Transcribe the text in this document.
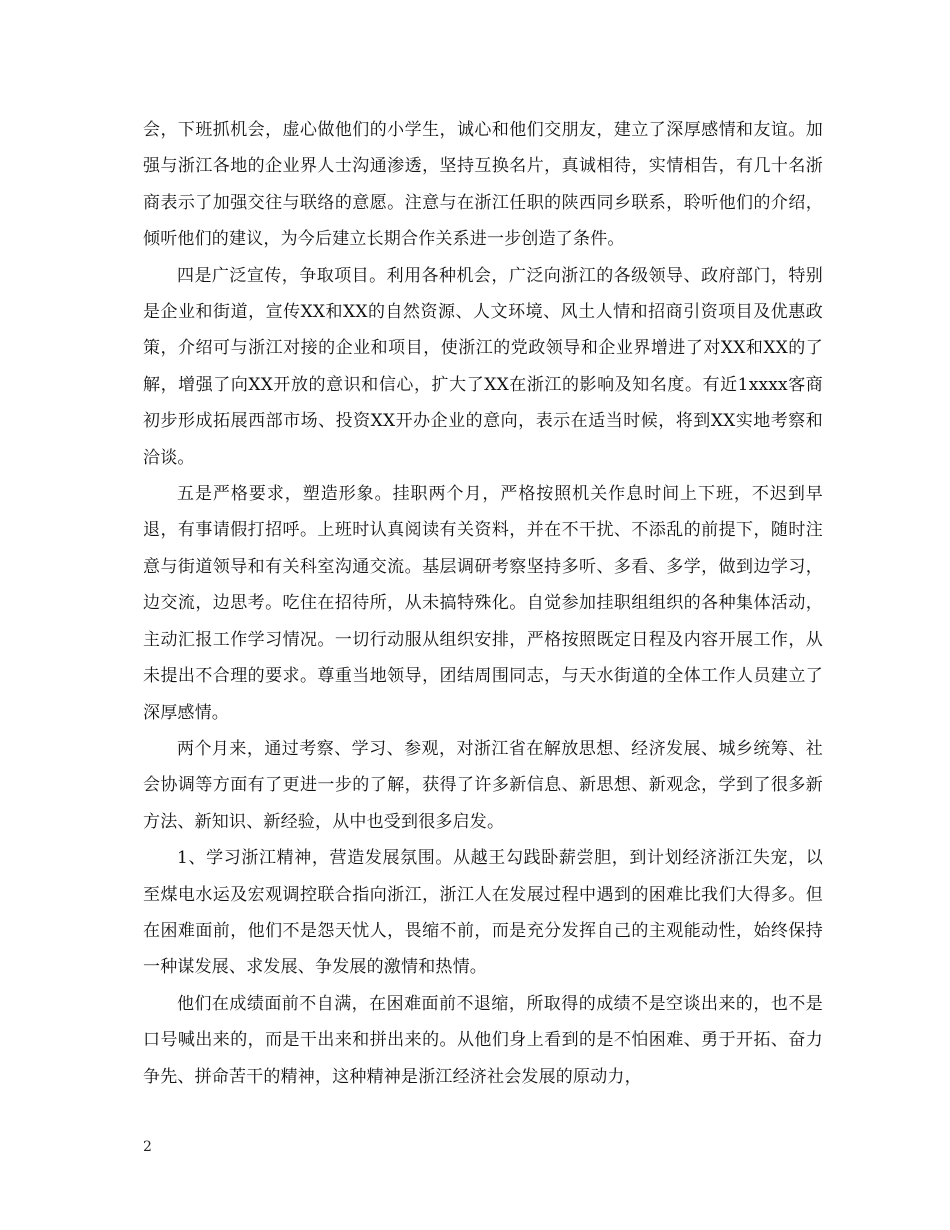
会，下班抓机会，虚心做他们的小学生，诚心和他们交朋友，建立了深厚感情和友谊。加强与浙江各地的企业界人士沟通渗透，坚持互换名片，真诚相待，实情相告，有几十名浙商表示了加强交往与联络的意愿。注意与在浙江任职的陕西同乡联系，聆听他们的介绍，倾听他们的建议，为今后建立长期合作关系进一步创造了条件。

四是广泛宣传，争取项目。利用各种机会，广泛向浙江的各级领导、政府部门，特别是企业和街道，宣传XX和XX的自然资源、人文环境、风土人情和招商引资项目及优惠政策，介绍可与浙江对接的企业和项目，使浙江的党政领导和企业界增进了对XX和XX的了解，增强了向XX开放的意识和信心，扩大了XX在浙江的影响及知名度。有近1xxxx客商初步形成拓展西部市场、投资XX开办企业的意向，表示在适当时候，将到XX实地考察和洽谈。

五是严格要求，塑造形象。挂职两个月，严格按照机关作息时间上下班，不迟到早退，有事请假打招呼。上班时认真阅读有关资料，并在不干扰、不添乱的前提下，随时注意与街道领导和有关科室沟通交流。基层调研考察坚持多听、多看、多学，做到边学习，边交流，边思考。吃住在招待所，从未搞特殊化。自觉参加挂职组组织的各种集体活动，主动汇报工作学习情况。一切行动服从组织安排，严格按照既定日程及内容开展工作，从未提出不合理的要求。尊重当地领导，团结周围同志，与天水街道的全体工作人员建立了深厚感情。

两个月来，通过考察、学习、参观，对浙江省在解放思想、经济发展、城乡统筹、社会协调等方面有了更进一步的了解，获得了许多新信息、新思想、新观念，学到了很多新方法、新知识、新经验，从中也受到很多启发。

1、学习浙江精神，营造发展氛围。从越王勾践卧薪尝胆，到计划经济浙江失宠，以至煤电水运及宏观调控联合指向浙江，浙江人在发展过程中遇到的困难比我们大得多。但在困难面前，他们不是怨天忧人，畏缩不前，而是充分发挥自己的主观能动性，始终保持一种谋发展、求发展、争发展的激情和热情。

他们在成绩面前不自满，在困难面前不退缩，所取得的成绩不是空谈出来的，也不是口号喊出来的，而是干出来和拼出来的。从他们身上看到的是不怕困难、勇于开拓、奋力争先、拼命苦干的精神，这种精神是浙江经济社会发展的原动力，

2
